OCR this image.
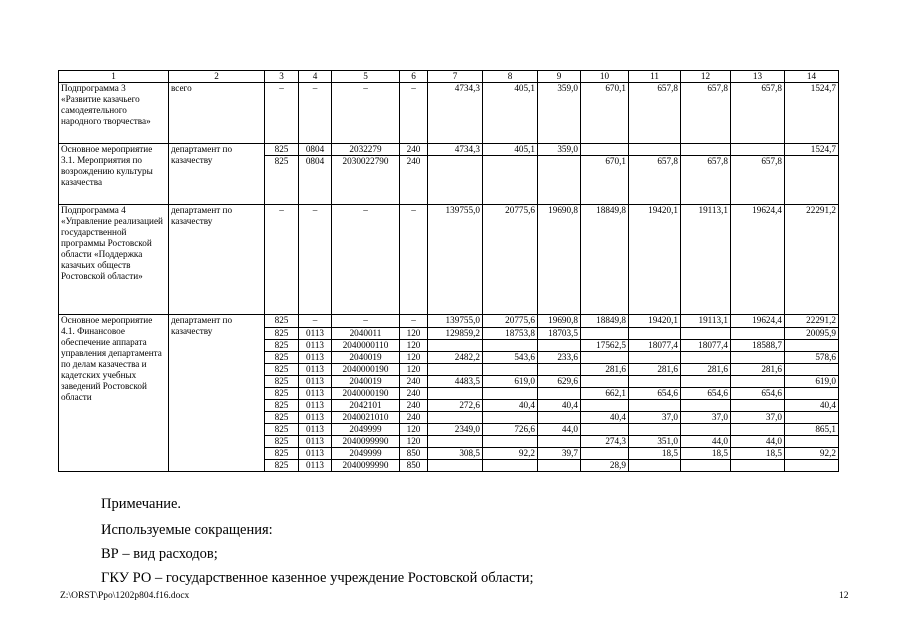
1	2	3	4	5	6	7	8	9	10	11	12	13	14
Подпрограмма 3 «Развитие казачьего самодеятельного народного творчества»	всего	–	–	–	–	4734,3	405,1	359,0	670,1	657,8	657,8	657,8	1524,7
Основное мероприятие 3.1. Мероприятия по возрождению культуры казачества	департамент по казачеству	825	0804	2032279	240	4734,3	405,1	359,0					1524,7
		825	0804	2030022790	240				670,1	657,8	657,8	657,8	
Подпрограмма 4 «Управление реализацией государственной программы Ростовской области «Поддержка казачьих обществ Ростовской области»	департамент по казачеству	–	–	–	–	139755,0	20775,6	19690,8	18849,8	19420,1	19113,1	19624,4	22291,2
Основное мероприятие 4.1. Финансовое обеспечение аппарата управления департамента по делам казачества и кадетских учебных заведений Ростовской области	департамент по казачеству	825	–	–	–	139755,0	20775,6	19690,8	18849,8	19420,1	19113,1	19624,4	22291,2
		825	0113	2040011	120	129859,2	18753,8	18703,5					20095,9
		825	0113	2040000110	120				17562,5	18077,4	18077,4	18588,7	
		825	0113	2040019	120	2482,2	543,6	233,6					578,6
		825	0113	2040000190	120				281,6	281,6	281,6	281,6	
		825	0113	2040019	240	4483,5	619,0	629,6					619,0
		825	0113	2040000190	240				662,1	654,6	654,6	654,6	
		825	0113	2042101	240	272,6	40,4	40,4					40,4
		825	0113	2040021010	240				40,4	37,0	37,0	37,0	
		825	0113	2049999	120	2349,0	726,6	44,0					865,1
		825	0113	2040099990	120				274,3	351,0	44,0	44,0	
		825	0113	2049999	850	308,5	92,2	39,7		18,5	18,5	18,5	92,2
		825	0113	2040099990	850				28,9				
Примечание.
Используемые сокращения:
ВР – вид расходов;
ГКУ РО – государственное казенное учреждение Ростовской области;
Z:\ORST\Ppo\1202p804.f16.docx	12
